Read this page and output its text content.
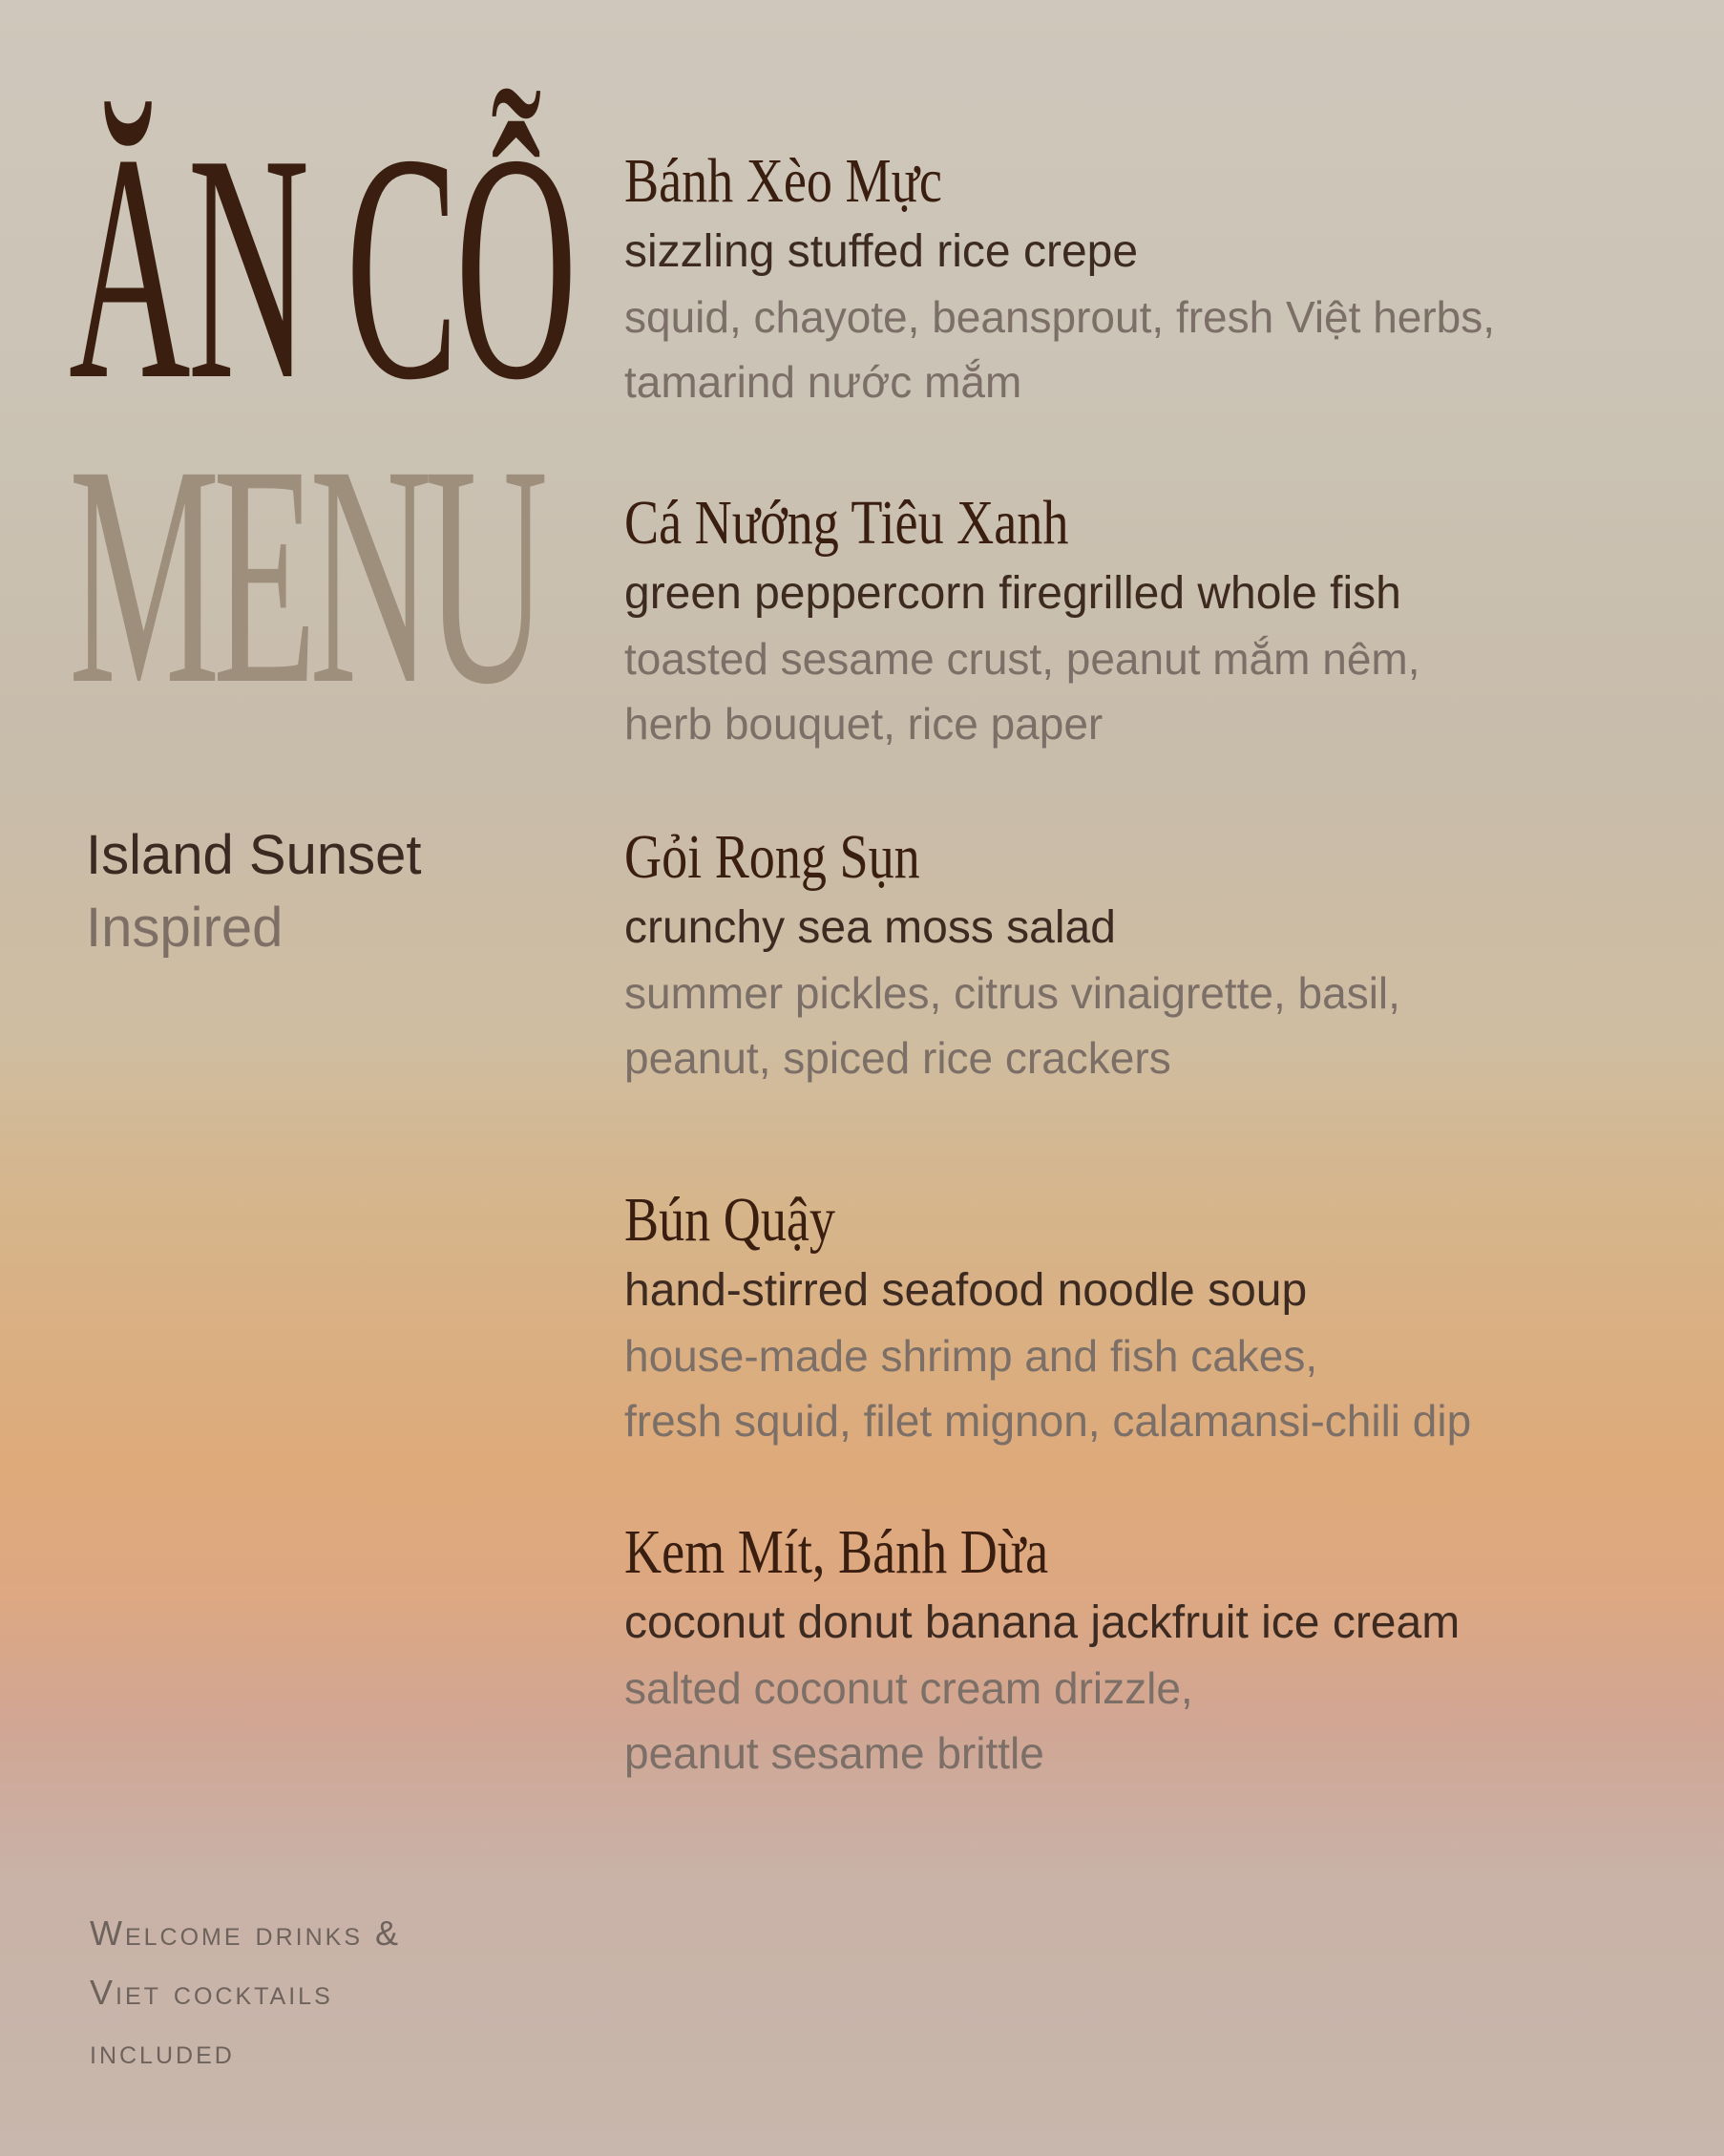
ĂN CỖ
MENU
Island Sunset
Inspired
Bánh Xèo Mực
sizzling stuffed rice crepe
squid, chayote, beansprout, fresh Việt herbs,
tamarind nước mắm
Cá Nướng Tiêu Xanh
green peppercorn firegrilled whole fish
toasted sesame crust, peanut mắm nêm,
herb bouquet, rice paper
Gỏi Rong Sụn
crunchy sea moss salad
summer pickles, citrus vinaigrette, basil,
peanut, spiced rice crackers
Bún Quậy
hand-stirred seafood noodle soup
house-made shrimp and fish cakes,
fresh squid, filet mignon, calamansi-chili dip
Kem Mít, Bánh Dừa
coconut donut banana jackfruit ice cream
salted coconut cream drizzle,
peanut sesame brittle
Welcome drinks &
Viet cocktails
included
